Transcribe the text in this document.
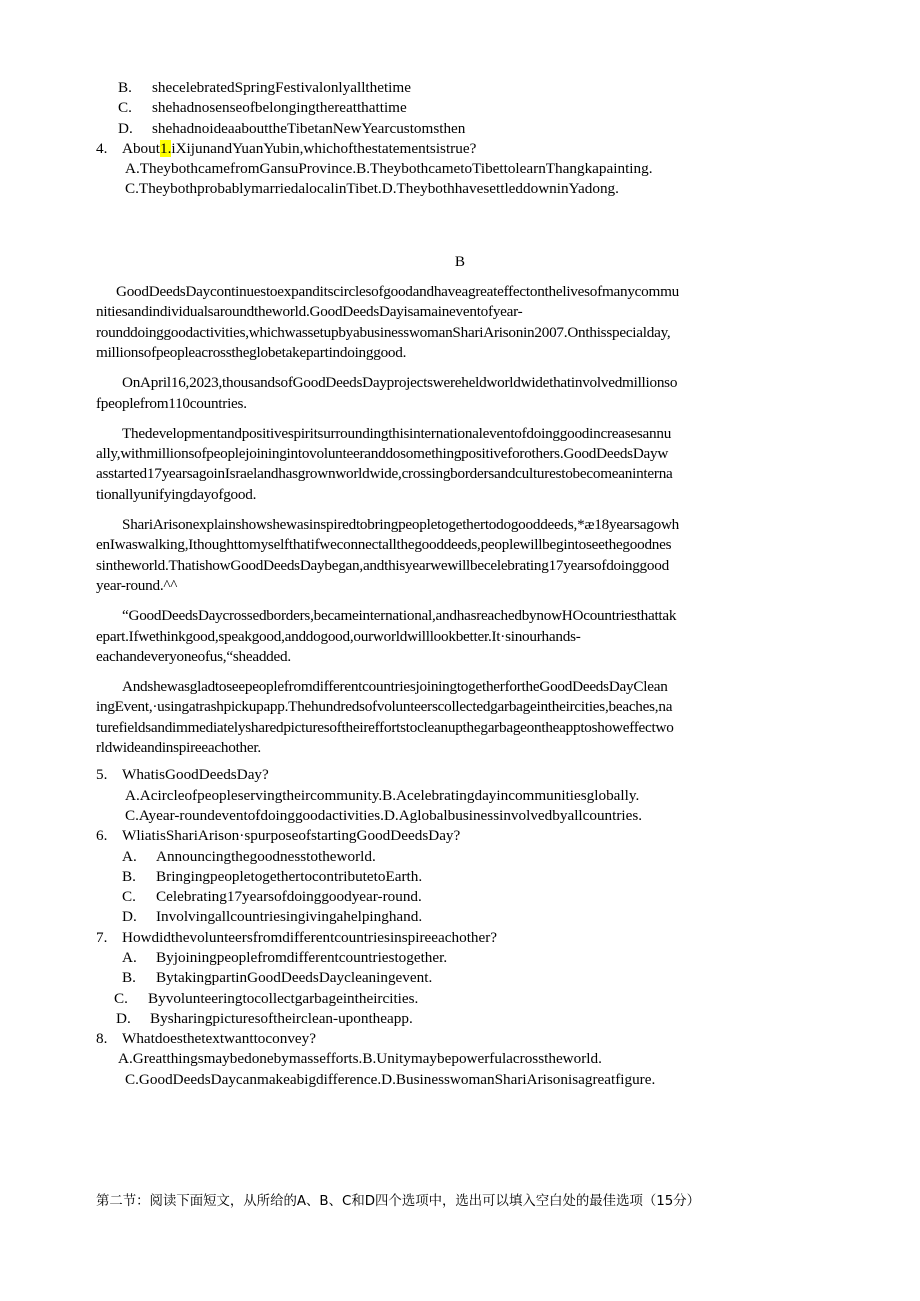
B.	shecelebratedSpringFestivalonlyallthetime
C.	shehadnosenseofbelongingthereatthattime
D.	shehadnoideaabouttheTibetanNewYearcustomsthen
4. About1.iXijunandYuanYubin,whichofthestatementsistrue?
A.TheybothcamefromGansuProvince.B.TheybothcametoTibettolearnThangkapainting.
C.TheybothprobablymarriedalocalinTibet.D.TheybothhavesettleddowninYadong.
B
GoodDeedsDaycontinuestoexpanditscirclesofgoodandhaveagreateffectonthelivesofmanycommu
nitiesandindividualsaroundtheworld.GoodDeedsDayisamaineventofyear-
rounddoinggoodactivities,whichwassetupbyabusinesswomanShariArisonin2007.Onthisspecialday,
millionsofpeopleacrosstheglobetakepartindoinggood.
OnApril16,2023,thousandsofGoodDeedsDayprojectswereheldworldwidethatinvolvedmillionso
fpeoplefrom110countries.
Thedevelopmentandpositivespiritsurroundingthisinternationaleventofdoinggoodincreasesannu
ally,withmillionsofpeoplejoiningintovolunteeranddosomethingpositiveforothers.GoodDeedsDayw
asstarted17yearsagoinIsraelandhasgrownworldwide,crossingbordersandculturestobecomeaninterna
tionallyunifyingdayofgood.
ShariArisonexplainshowshewasinspiredtobringpeopletogethertodogooddeeds,*æ18yearsagowh
enIwaswalking,Ithoughttomyselfthatifweconnectallthegooddeeds,peoplewillbegintoseethegoodnes
sintheworld.ThatishowGoodDeedsDaybegan,andthisyearwewillbecelebrating17yearsofdoinggood
year-round.^^
“GoodDeedsDaycrossedborders,becameinternational,andhasreachedbynowHOcountriesthattak
epart.Ifwethinkgood,speakgood,anddogood,ourworldwilllookbetter.It·sinourhands-
eachandeveryoneofus,“sheadded.
AndshewasgladtoseepeoplefromdifferentcountriesjoiningtogetherfortheGoodDeedsDayClean
ingEvent,·usingatrashpickupapp.Thehundredsofvolunteerscollectedgarbageintheircities,beaches,na
turefieldsandimmediatelysharedpicturesoftheireffortstocleanupthegarbageontheapptoshoweffectwo
rldwideandinspireeachother.
5. WhatisGoodDeedsDay?
A.Acircleofpeopleservingtheircommunity.B.Acelebratingdayincommunitiesglobally.
C.Ayear-roundeventofdoinggoodactivities.D.Aglobalbusinessinvolvedbyallcountries.
6. WliatisShariArison·spurposeofstartingGoodDeedsDay?
A.	Announcingthegoodnesstotheworld.
B.	BringingpeopletogethertocontributetoEarth.
C.	Celebrating17yearsofdoinggoodyear-round.
D.	Involvingallcountriesingivingahelpinghand.
7. Howdidthevolunteersfromdifferentcountriesinspireeachother?
A.	Byjoiningpeoplefromdifferentcountriestogether.
B.	BytakingpartinGoodDeedsDaycleaningevent.
C.	Byvolunteeringtocollectgarbageintheircities.
D.	Bysharingpicturesoftheirclean-upontheapp.
8. Whatdoesthetextwanttoconvey?
A.Greatthingsmaybedonebymassefforts.B.Unitymaybepowerfulacrosstheworld.
C.GoodDeedsDaycanmakeabigdifference.D.BusinesswomanShariArisonisagreatfigure.
第二节：阅读下面短文，从所给的A、B、C和D四个选项中，选出可以填入空白处的最佳选项（15分）
